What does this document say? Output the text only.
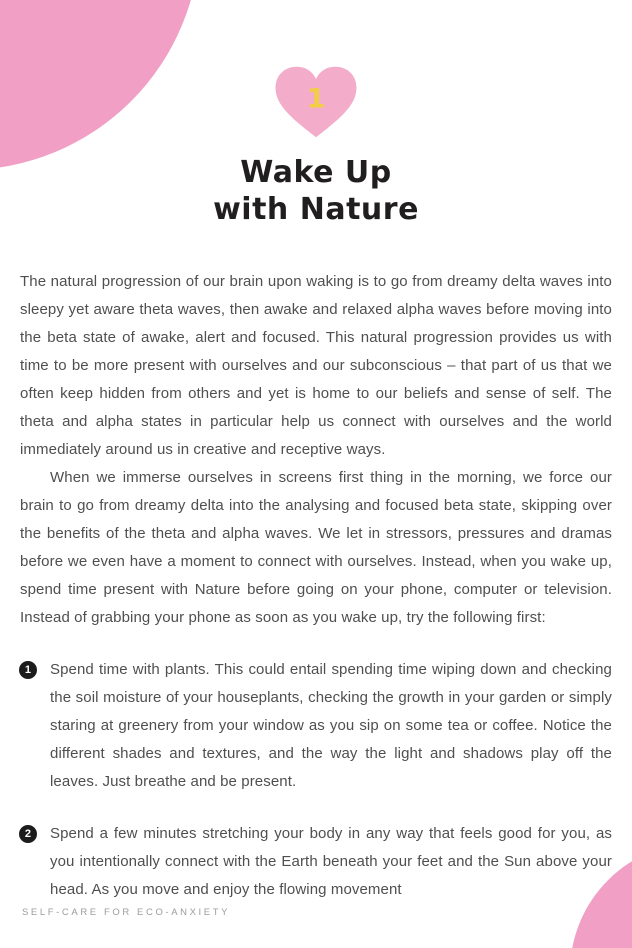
1
Wake Up
with Nature

The natural progression of our brain upon waking is to go from dreamy delta waves into sleepy yet aware theta waves, then awake and relaxed alpha waves before moving into the beta state of awake, alert and focused. This natural progression provides us with time to be more present with ourselves and our subconscious – that part of us that we often keep hidden from others and yet is home to our beliefs and sense of self. The theta and alpha states in particular help us connect with ourselves and the world immediately around us in creative and receptive ways.

When we immerse ourselves in screens first thing in the morning, we force our brain to go from dreamy delta into the analysing and focused beta state, skipping over the benefits of the theta and alpha waves. We let in stressors, pressures and dramas before we even have a moment to connect with ourselves. Instead, when you wake up, spend time present with Nature before going on your phone, computer or television. Instead of grabbing your phone as soon as you wake up, try the following first:

1	Spend time with plants. This could entail spending time wiping down and checking the soil moisture of your houseplants, checking the growth in your garden or simply staring at greenery from your window as you sip on some tea or coffee. Notice the different shades and textures, and the way the light and shadows play off the leaves. Just breathe and be present.

2	Spend a few minutes stretching your body in any way that feels good for you, as you intentionally connect with the Earth beneath your feet and the Sun above your head. As you move and enjoy the flowing movement

SELF-CARE FOR ECO-ANXIETY
